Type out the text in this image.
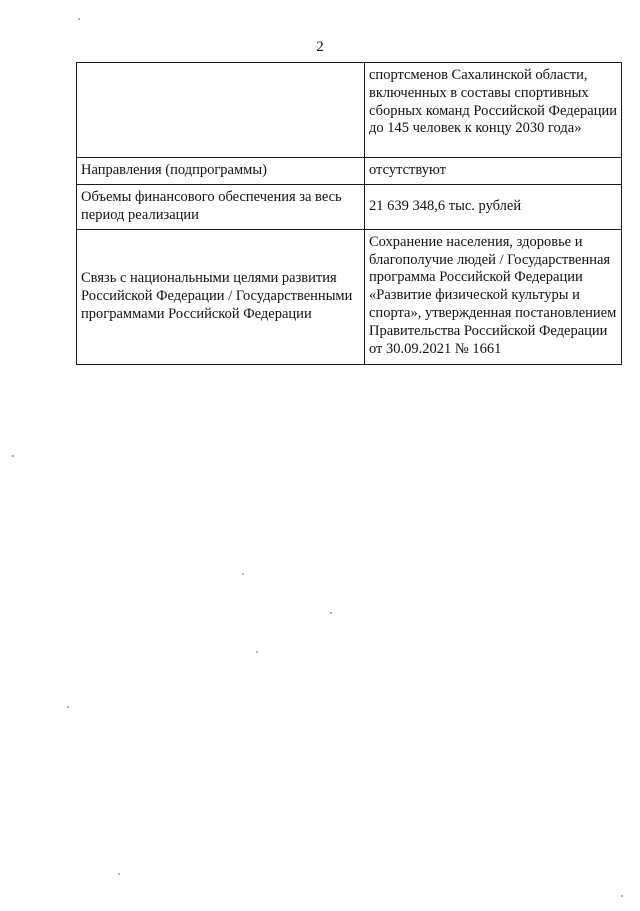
2
	спортсменов Сахалинской области, включенных в составы спортивных сборных команд Российской Федерации до 145 человек к концу 2030 года»
Направления (подпрограммы)	отсутствуют
Объемы финансового обеспечения за весь период реализации	21 639 348,6 тыс. рублей
Связь с национальными целями развития Российской Федерации / Государственными программами Российской Федерации	Сохранение населения, здоровье и благополучие людей / Государственная программа Российской Федерации «Развитие физической культуры и спорта», утвержденная постановлением Правительства Российской Федерации от 30.09.2021 № 1661
